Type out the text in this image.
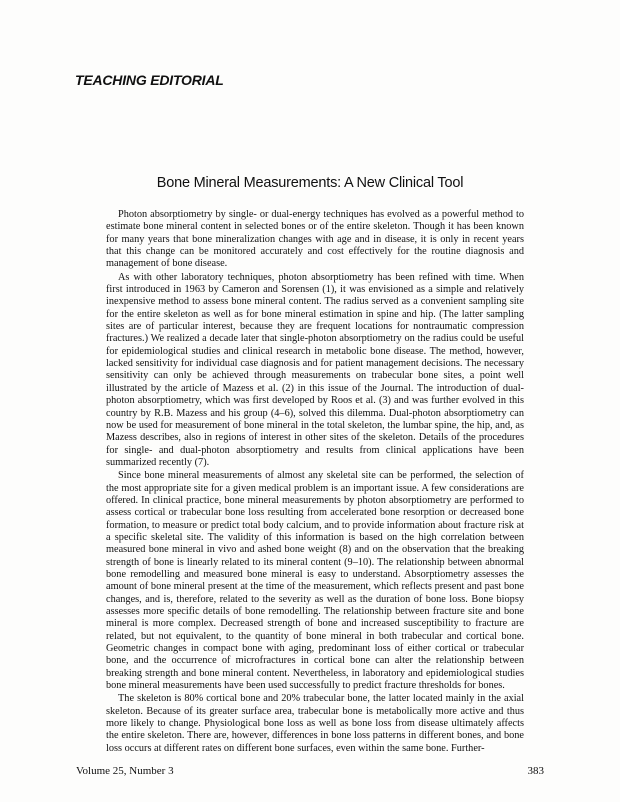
TEACHING EDITORIAL
Bone Mineral Measurements: A New Clinical Tool

Photon absorptiometry by single- or dual-energy techniques has evolved as a powerful method to estimate bone mineral content in selected bones or of the entire skeleton. Though it has been known for many years that bone mineralization changes with age and in disease, it is only in recent years that this change can be monitored accurately and cost effectively for the routine diagnosis and management of bone disease.

As with other laboratory techniques, photon absorptiometry has been refined with time. When first introduced in 1963 by Cameron and Sorensen (1), it was envisioned as a simple and relatively inexpensive method to assess bone mineral content. The radius served as a convenient sampling site for the entire skeleton as well as for bone mineral estimation in spine and hip. (The latter sampling sites are of particular interest, because they are frequent locations for nontraumatic compression fractures.) We realized a decade later that single-photon absorptiometry on the radius could be useful for epidemiological studies and clinical research in metabolic bone disease. The method, however, lacked sensitivity for individual case diagnosis and for patient management decisions. The necessary sensitivity can only be achieved through measurements on trabecular bone sites, a point well illustrated by the article of Mazess et al. (2) in this issue of the Journal. The introduction of dual-photon absorptiometry, which was first developed by Roos et al. (3) and was further evolved in this country by R.B. Mazess and his group (4–6), solved this dilemma. Dual-photon absorptiometry can now be used for measurement of bone mineral in the total skeleton, the lumbar spine, the hip, and, as Mazess describes, also in regions of interest in other sites of the skeleton. Details of the procedures for single- and dual-photon absorptiometry and results from clinical applications have been summarized recently (7).

Since bone mineral measurements of almost any skeletal site can be performed, the selection of the most appropriate site for a given medical problem is an important issue. A few considerations are offered. In clinical practice, bone mineral measurements by photon absorptiometry are performed to assess cortical or trabecular bone loss resulting from accelerated bone resorption or decreased bone formation, to measure or predict total body calcium, and to provide information about fracture risk at a specific skeletal site. The validity of this information is based on the high correlation between measured bone mineral in vivo and ashed bone weight (8) and on the observation that the breaking strength of bone is linearly related to its mineral content (9–10). The relationship between abnormal bone remodelling and measured bone mineral is easy to understand. Absorptiometry assesses the amount of bone mineral present at the time of the measurement, which reflects present and past bone changes, and is, therefore, related to the severity as well as the duration of bone loss. Bone biopsy assesses more specific details of bone remodelling. The relationship between fracture site and bone mineral is more complex. Decreased strength of bone and increased susceptibility to fracture are related, but not equivalent, to the quantity of bone mineral in both trabecular and cortical bone. Geometric changes in compact bone with aging, predominant loss of either cortical or trabecular bone, and the occurrence of microfractures in cortical bone can alter the relationship between breaking strength and bone mineral content. Nevertheless, in laboratory and epidemiological studies bone mineral measurements have been used successfully to predict fracture thresholds for bones.

The skeleton is 80% cortical bone and 20% trabecular bone, the latter located mainly in the axial skeleton. Because of its greater surface area, trabecular bone is metabolically more active and thus more likely to change. Physiological bone loss as well as bone loss from disease ultimately affects the entire skeleton. There are, however, differences in bone loss patterns in different bones, and bone loss occurs at different rates on different bone surfaces, even within the same bone. Further-

Volume 25, Number 3	383
